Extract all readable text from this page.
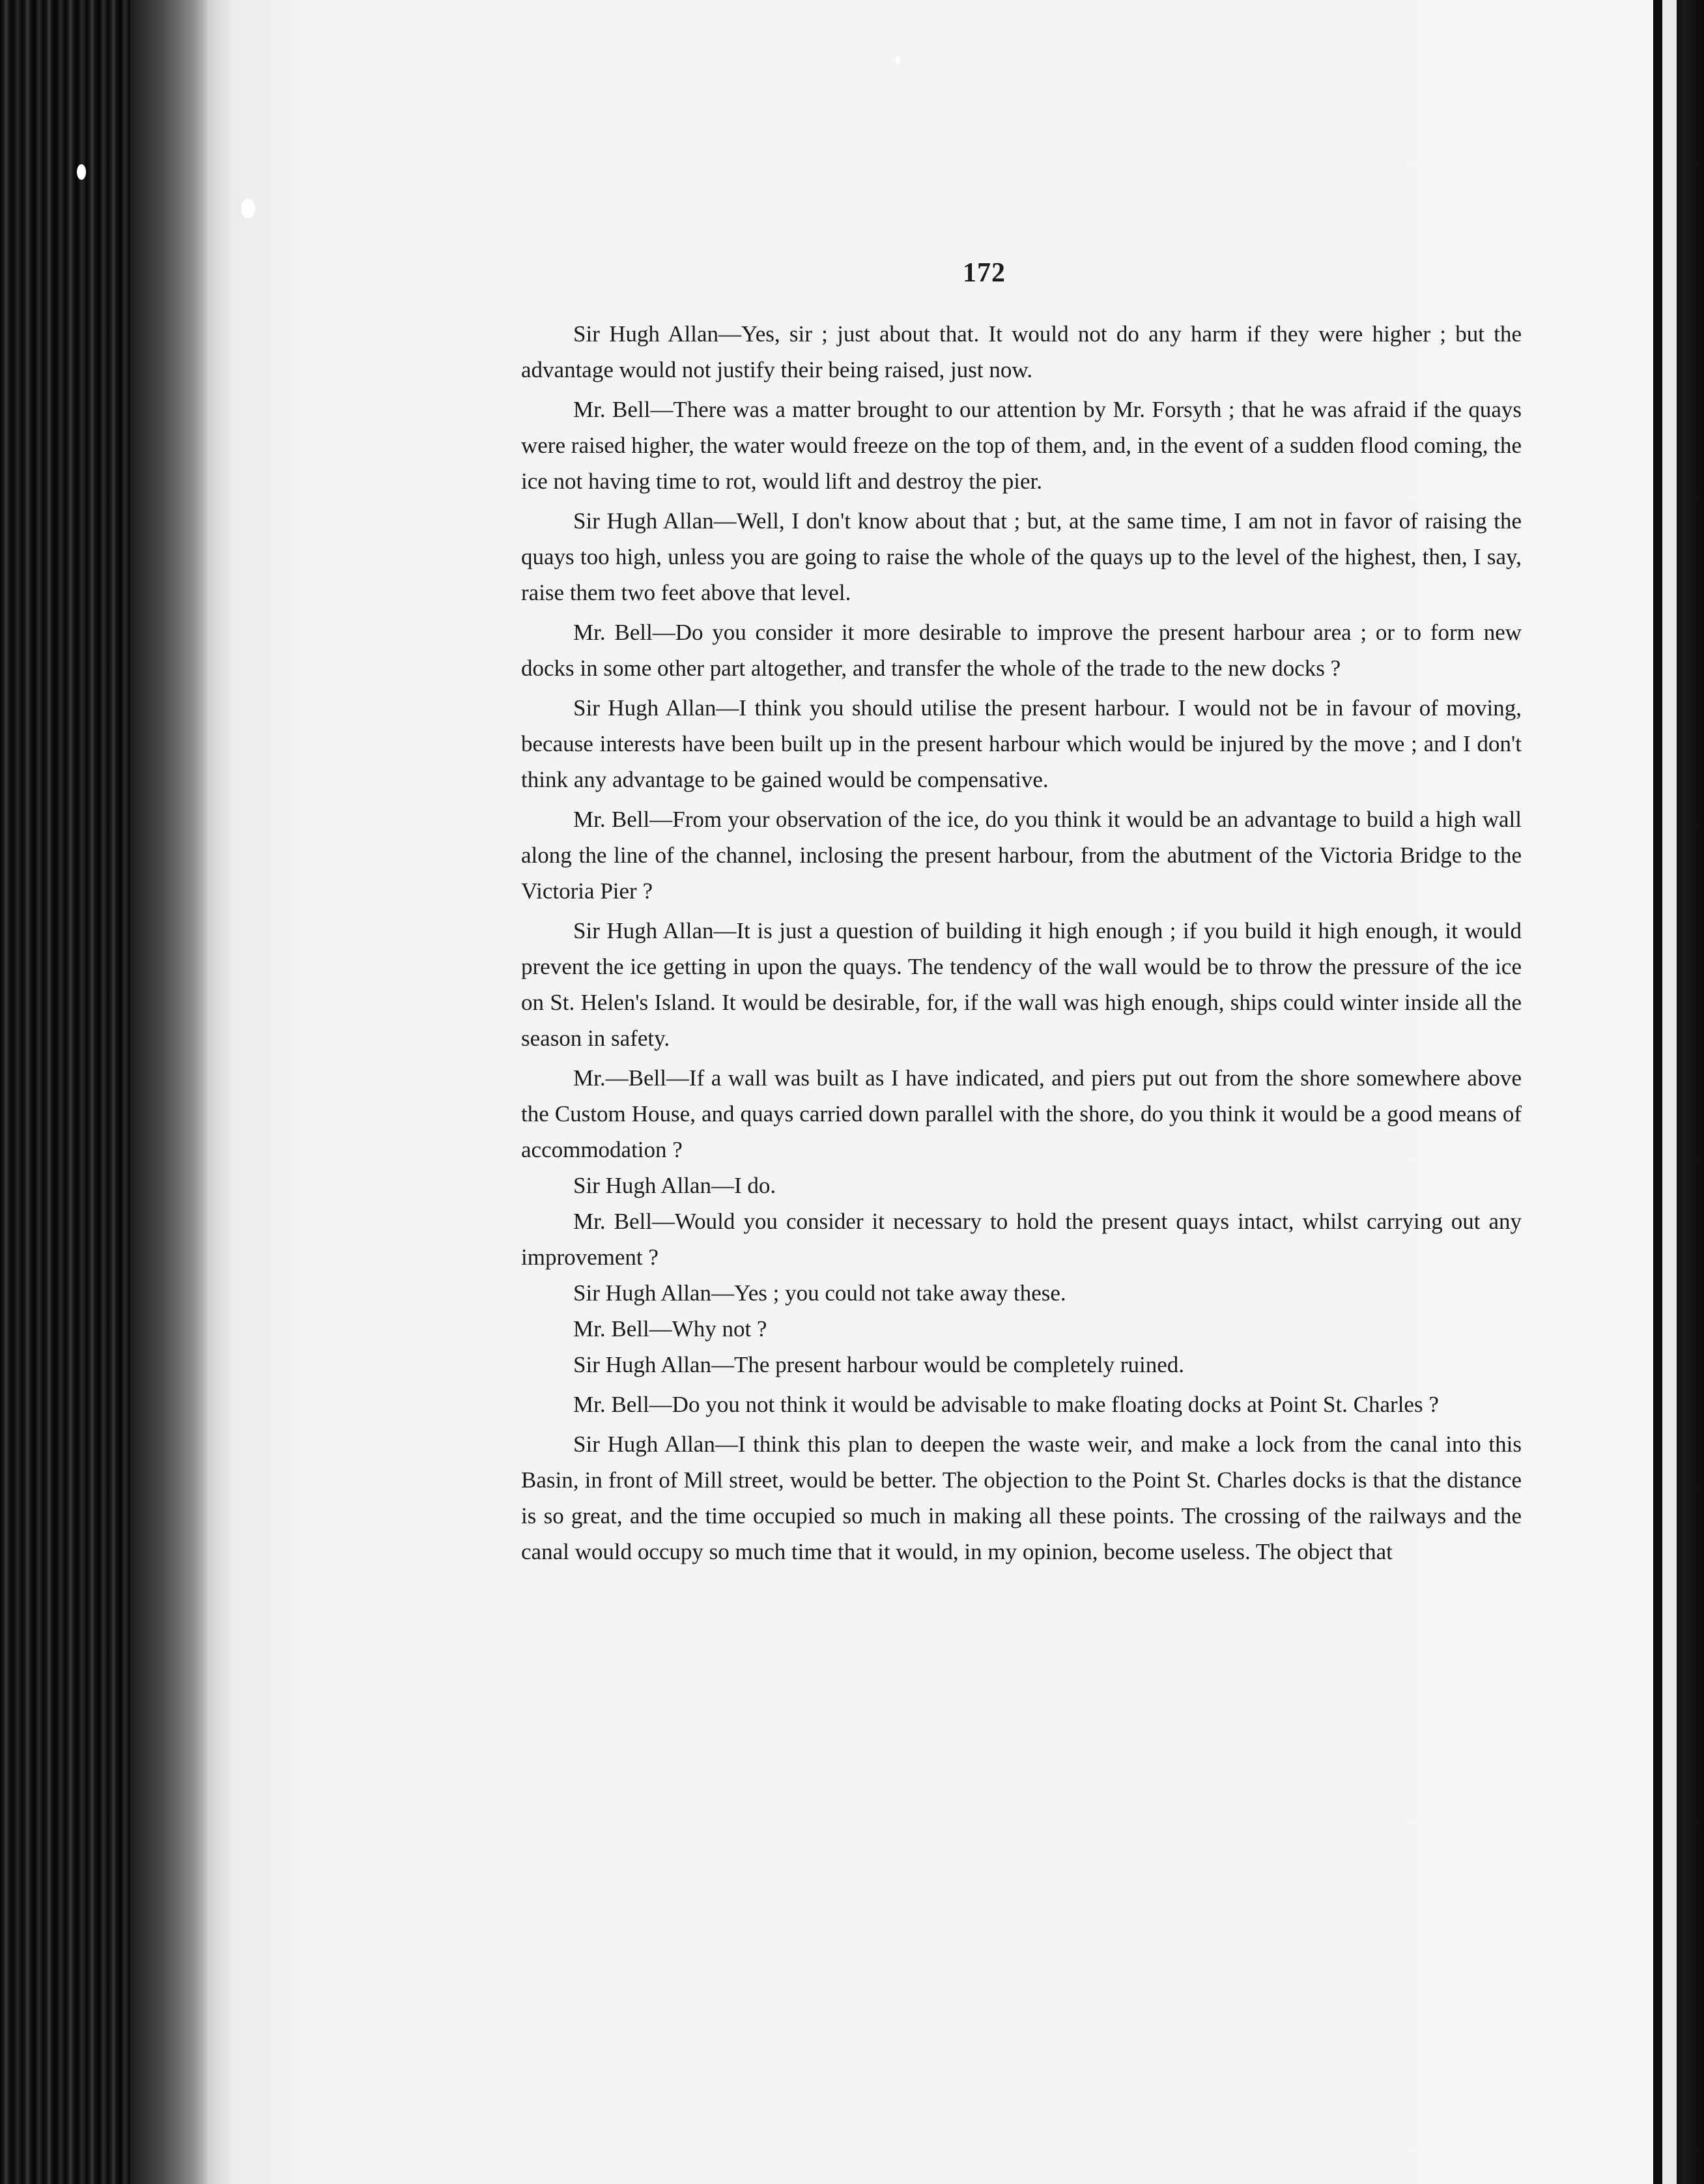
172

Sir Hugh Allan—Yes, sir ; just about that. It would not do any harm if they were higher ; but the advantage would not justify their being raised, just now.

Mr. Bell—There was a matter brought to our attention by Mr. Forsyth ; that he was afraid if the quays were raised higher, the water would freeze on the top of them, and, in the event of a sudden flood coming, the ice not having time to rot, would lift and destroy the pier.

Sir Hugh Allan—Well, I don't know about that ; but, at the same time, I am not in favor of raising the quays too high, unless you are going to raise the whole of the quays up to the level of the highest, then, I say, raise them two feet above that level.

Mr. Bell—Do you consider it more desirable to improve the present harbour area ; or to form new docks in some other part altogether, and transfer the whole of the trade to the new docks ?

Sir Hugh Allan—I think you should utilise the present harbour. I would not be in favour of moving, because interests have been built up in the present harbour which would be injured by the move ; and I don't think any advantage to be gained would be compensative.

Mr. Bell—From your observation of the ice, do you think it would be an advantage to build a high wall along the line of the channel, inclosing the present harbour, from the abutment of the Victoria Bridge to the Victoria Pier ?

Sir Hugh Allan—It is just a question of building it high enough ; if you build it high enough, it would prevent the ice getting in upon the quays. The tendency of the wall would be to throw the pressure of the ice on St. Helen's Island. It would be desirable, for, if the wall was high enough, ships could winter inside all the season in safety.

Mr.—Bell—If a wall was built as I have indicated, and piers put out from the shore somewhere above the Custom House, and quays carried down parallel with the shore, do you think it would be a good means of accommodation ?

Sir Hugh Allan—I do.

Mr. Bell—Would you consider it necessary to hold the present quays intact, whilst carrying out any improvement ?

Sir Hugh Allan—Yes ; you could not take away these.

Mr. Bell—Why not ?

Sir Hugh Allan—The present harbour would be completely ruined.

Mr. Bell—Do you not think it would be advisable to make floating docks at Point St. Charles ?

Sir Hugh Allan—I think this plan to deepen the waste weir, and make a lock from the canal into this Basin, in front of Mill street, would be better. The objection to the Point St. Charles docks is that the distance is so great, and the time occupied so much in making all these points. The crossing of the railways and the canal would occupy so much time that it would, in my opinion, become useless. The object that
